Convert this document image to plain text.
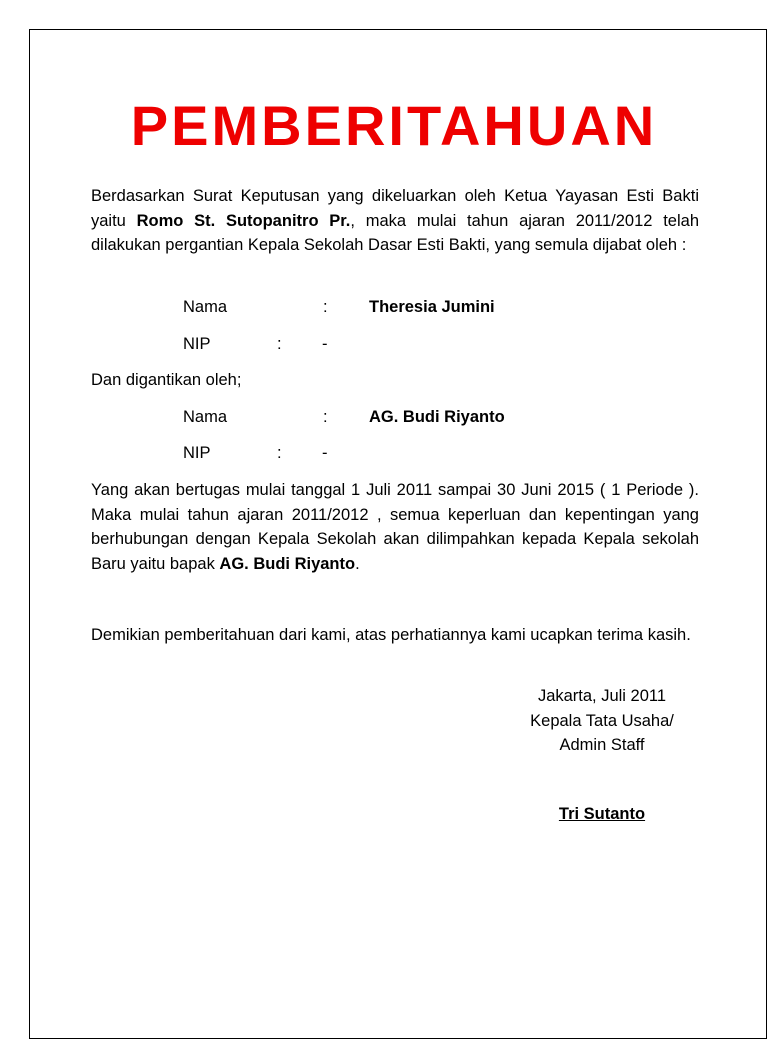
PEMBERITAHUAN

Berdasarkan Surat Keputusan yang dikeluarkan oleh Ketua Yayasan Esti Bakti yaitu Romo St. Sutopanitro Pr., maka mulai tahun ajaran 2011/2012 telah dilakukan pergantian Kepala Sekolah Dasar Esti Bakti, yang semula dijabat oleh :

Nama	:	Theresia Jumini
NIP	: -
Dan digantikan oleh;
Nama	:	AG. Budi Riyanto
NIP	: -

Yang akan bertugas mulai tanggal 1 Juli 2011 sampai 30 Juni 2015 ( 1 Periode ). Maka mulai tahun ajaran 2011/2012 , semua keperluan dan kepentingan yang berhubungan dengan Kepala Sekolah akan dilimpahkan kepada Kepala sekolah Baru yaitu bapak AG. Budi Riyanto.

Demikian pemberitahuan dari kami, atas perhatiannya kami ucapkan terima kasih.

Jakarta, Juli 2011
Kepala Tata Usaha/
Admin Staff
Tri Sutanto
